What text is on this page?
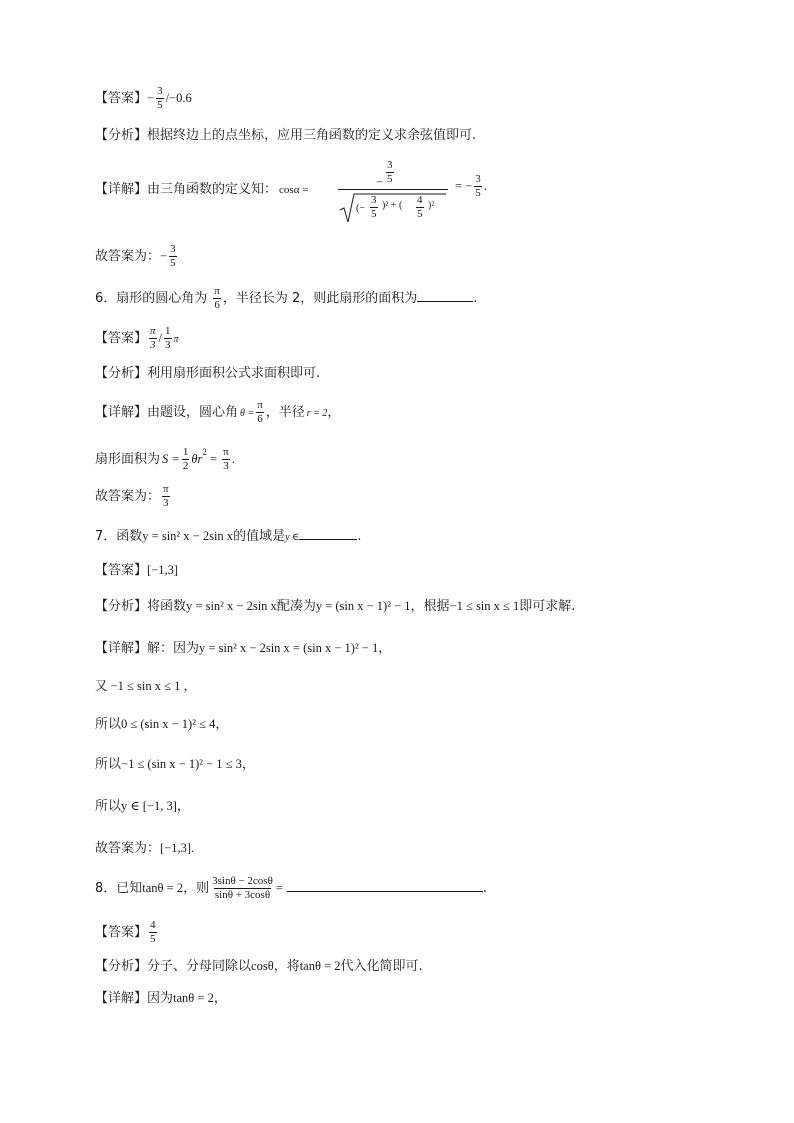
【答案】− $\frac{3}{5} /-0.6$
【分析】根据终边上的点坐标，应用三角函数的定义求余弦值即可.
【详解】由三角函数的定义知： cosα =
− $\frac{3}{5}$
(− $\frac{3}{5} )^2$ + ( $\frac{4}{5} )^2$
= − $\frac{3}{5}$ .
故答案为：− $\frac{3}{5}$
6．扇形的圆心角为 $\frac{\pi}{6}$ ，半径长为 2，则此扇形的面积为	.
【答案】 $\frac{\pi}{3} / \frac{1}{3}$ π
【分析】利用扇形面积公式求面积即可.
【详解】由题设，圆心角 $\theta = \frac{\pi}{6}$ ，半径 r = 2，
扇形面积为 $S = \frac{1}{2} \theta r^2 = \frac{\pi}{3}$ .
故答案为： $\frac{\pi}{3}$
7．函数y = sin² x − 2sin x的值域是y ∈	.
【答案】[−1,3]
【分析】将函数y = sin² x − 2sin x配凑为y = (sin x − 1)² − 1，根据−1 ≤ sin x ≤ 1即可求解.
【详解】解：因为y = sin² x − 2sin x = (sin x − 1)² − 1，
又 −1 ≤ sin x ≤ 1 ，
所以0 ≤ (sin x − 1)² ≤ 4，
所以−1 ≤ (sin x − 1)² − 1 ≤ 3，
所以y ∈ [−1, 3]，
故答案为：[−1,3].
8．已知tanθ = 2，则 $\frac{3\sin\theta - 2\cos\theta}{\sin\theta + 3\cos\theta}$ =	.
【答案】 $\frac{4}{5}$
【分析】分子、分母同除以cosθ，将tanθ = 2代入化简即可.
【详解】因为tanθ = 2，
